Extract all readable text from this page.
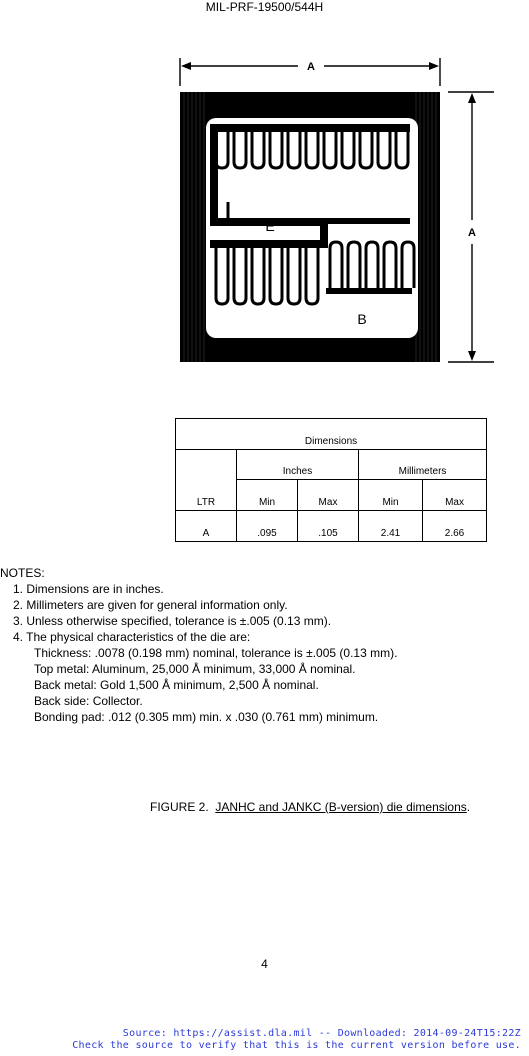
MIL-PRF-19500/544H
A
A
E
B
Dimensions				
LTR	Inches		Millimeters	
	Min	Max	Min	Max
A	.095	.105	2.41	2.66
NOTES:
1. Dimensions are in inches.
2. Millimeters are given for general information only.
3. Unless otherwise specified, tolerance is ±.005 (0.13 mm).
4. The physical characteristics of the die are:
Thickness: .0078 (0.198 mm) nominal, tolerance is ±.005 (0.13 mm).
Top metal: Aluminum, 25,000 Å minimum, 33,000 Å nominal.
Back metal: Gold 1,500 Å minimum, 2,500 Å nominal.
Back side: Collector.
Bonding pad: .012 (0.305 mm) min. x .030 (0.761 mm) minimum.
FIGURE 2.  JANHC and JANKC (B-version) die dimensions.
4
Source: https://assist.dla.mil -- Downloaded: 2014-09-24T15:22Z
Check the source to verify that this is the current version before use.
